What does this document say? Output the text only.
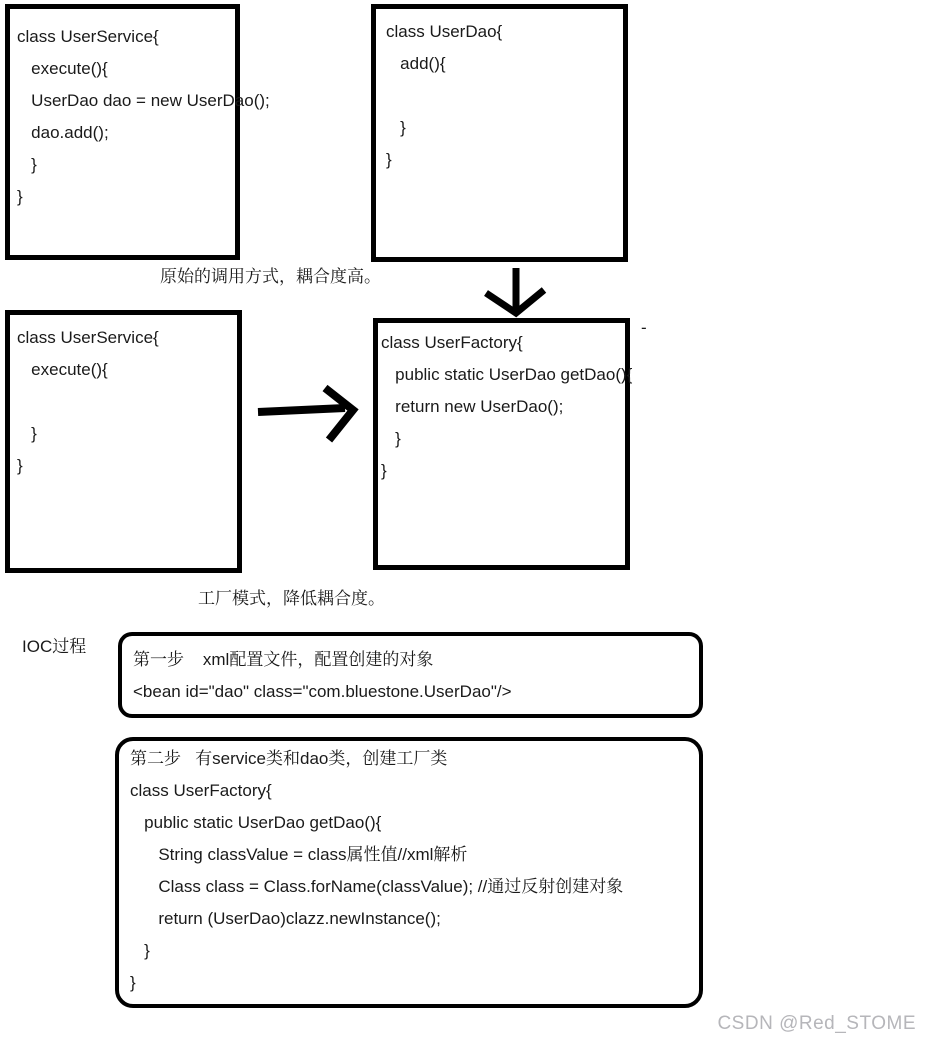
class UserService{
execute(){
UserDao dao = new UserDao();
dao.add();
}
}
class UserDao{
add(){
}
}
原始的调用方式，耦合度高。
class UserService{
execute(){
}
}
class UserFactory{
public static UserDao getDao(){
return new UserDao();
}
}
-
工厂模式，降低耦合度。
IOC过程
第一步    xml配置文件，配置创建的对象
<bean id="dao" class="com.bluestone.UserDao"/>
第二步   有service类和dao类，创建工厂类
class UserFactory{
public static UserDao getDao(){
String classValue = class属性值//xml解析
Class class = Class.forName(classValue); //通过反射创建对象
return (UserDao)clazz.newInstance();
}
}
CSDN @Red_STOME
